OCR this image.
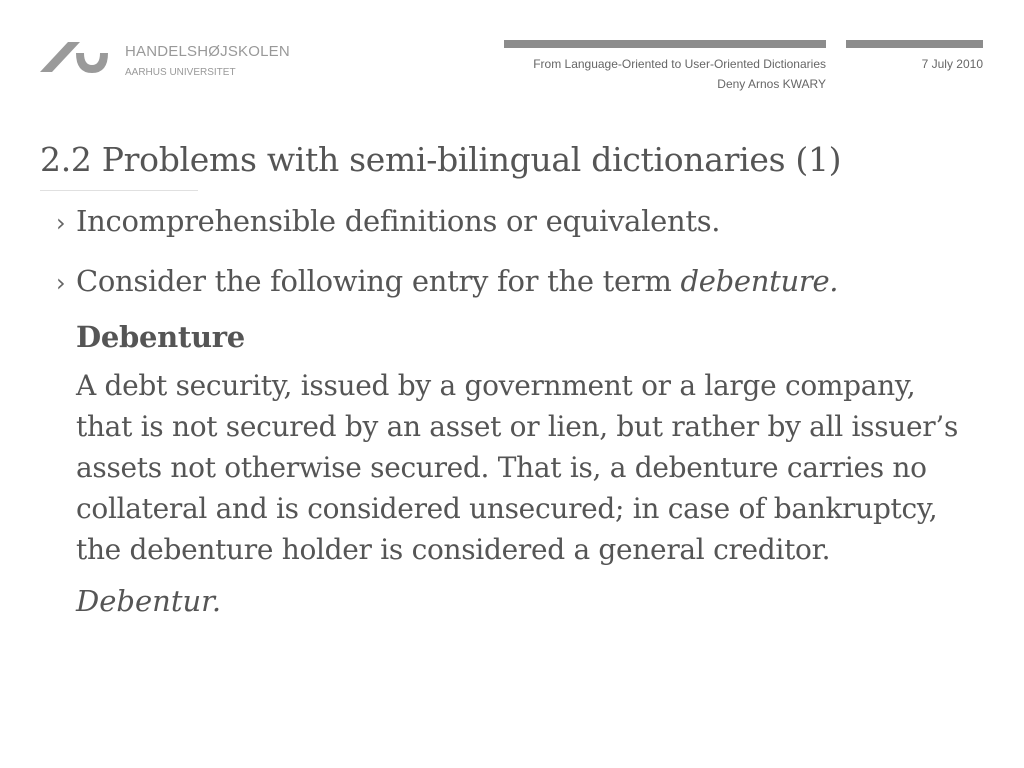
HANDELSHØJSKOLEN
AARHUS UNIVERSITET
From Language-Oriented to User-Oriented Dictionaries
Deny Arnos KWARY
7 July 2010
2.2 Problems with semi-bilingual dictionaries (1)
› Incomprehensible definitions or equivalents.
› Consider the following entry for the term debenture.
Debenture
A debt security, issued by a government or a large company, that is not secured by an asset or lien, but rather by all issuer’s assets not otherwise secured. That is, a debenture carries no collateral and is considered unsecured; in case of bankruptcy, the debenture holder is considered a general creditor.
Debentur.
